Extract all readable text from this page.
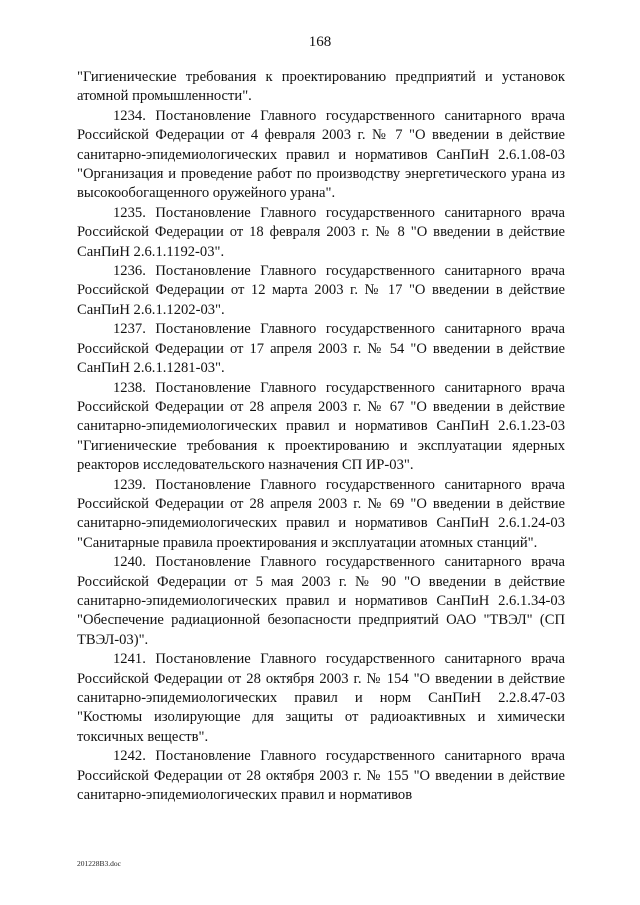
168

"Гигиенические требования к проектированию предприятий и установок атомной промышленности".

1234. Постановление Главного государственного санитарного врача Российской Федерации от 4 февраля 2003 г. № 7 "О введении в действие санитарно-эпидемиологических правил и нормативов СанПиН 2.6.1.08-03 "Организация и проведение работ по производству энергетического урана из высокообогащенного оружейного урана".

1235. Постановление Главного государственного санитарного врача Российской Федерации от 18 февраля 2003 г. № 8 "О введении в действие СанПиН 2.6.1.1192-03".

1236. Постановление Главного государственного санитарного врача Российской Федерации от 12 марта 2003 г. № 17 "О введении в действие СанПиН 2.6.1.1202-03".

1237. Постановление Главного государственного санитарного врача Российской Федерации от 17 апреля 2003 г. № 54 "О введении в действие СанПиН 2.6.1.1281-03".

1238. Постановление Главного государственного санитарного врача Российской Федерации от 28 апреля 2003 г. № 67 "О введении в действие санитарно-эпидемиологических правил и нормативов СанПиН 2.6.1.23-03 "Гигиенические требования к проектированию и эксплуатации ядерных реакторов исследовательского назначения СП ИР-03".

1239. Постановление Главного государственного санитарного врача Российской Федерации от 28 апреля 2003 г. № 69 "О введении в действие санитарно-эпидемиологических правил и нормативов СанПиН 2.6.1.24-03 "Санитарные правила проектирования и эксплуатации атомных станций".

1240. Постановление Главного государственного санитарного врача Российской Федерации от 5 мая 2003 г. № 90 "О введении в действие санитарно-эпидемиологических правил и нормативов СанПиН 2.6.1.34-03 "Обеспечение радиационной безопасности предприятий ОАО "ТВЭЛ" (СП ТВЭЛ-03)".

1241. Постановление Главного государственного санитарного врача Российской Федерации от 28 октября 2003 г. № 154 "О введении в действие санитарно-эпидемиологических правил и норм СанПиН 2.2.8.47-03 "Костюмы изолирующие для защиты от радиоактивных и химически токсичных веществ".

1242. Постановление Главного государственного санитарного врача Российской Федерации от 28 октября 2003 г. № 155 "О введении в действие санитарно-эпидемиологических правил и нормативов

201228В3.doc
